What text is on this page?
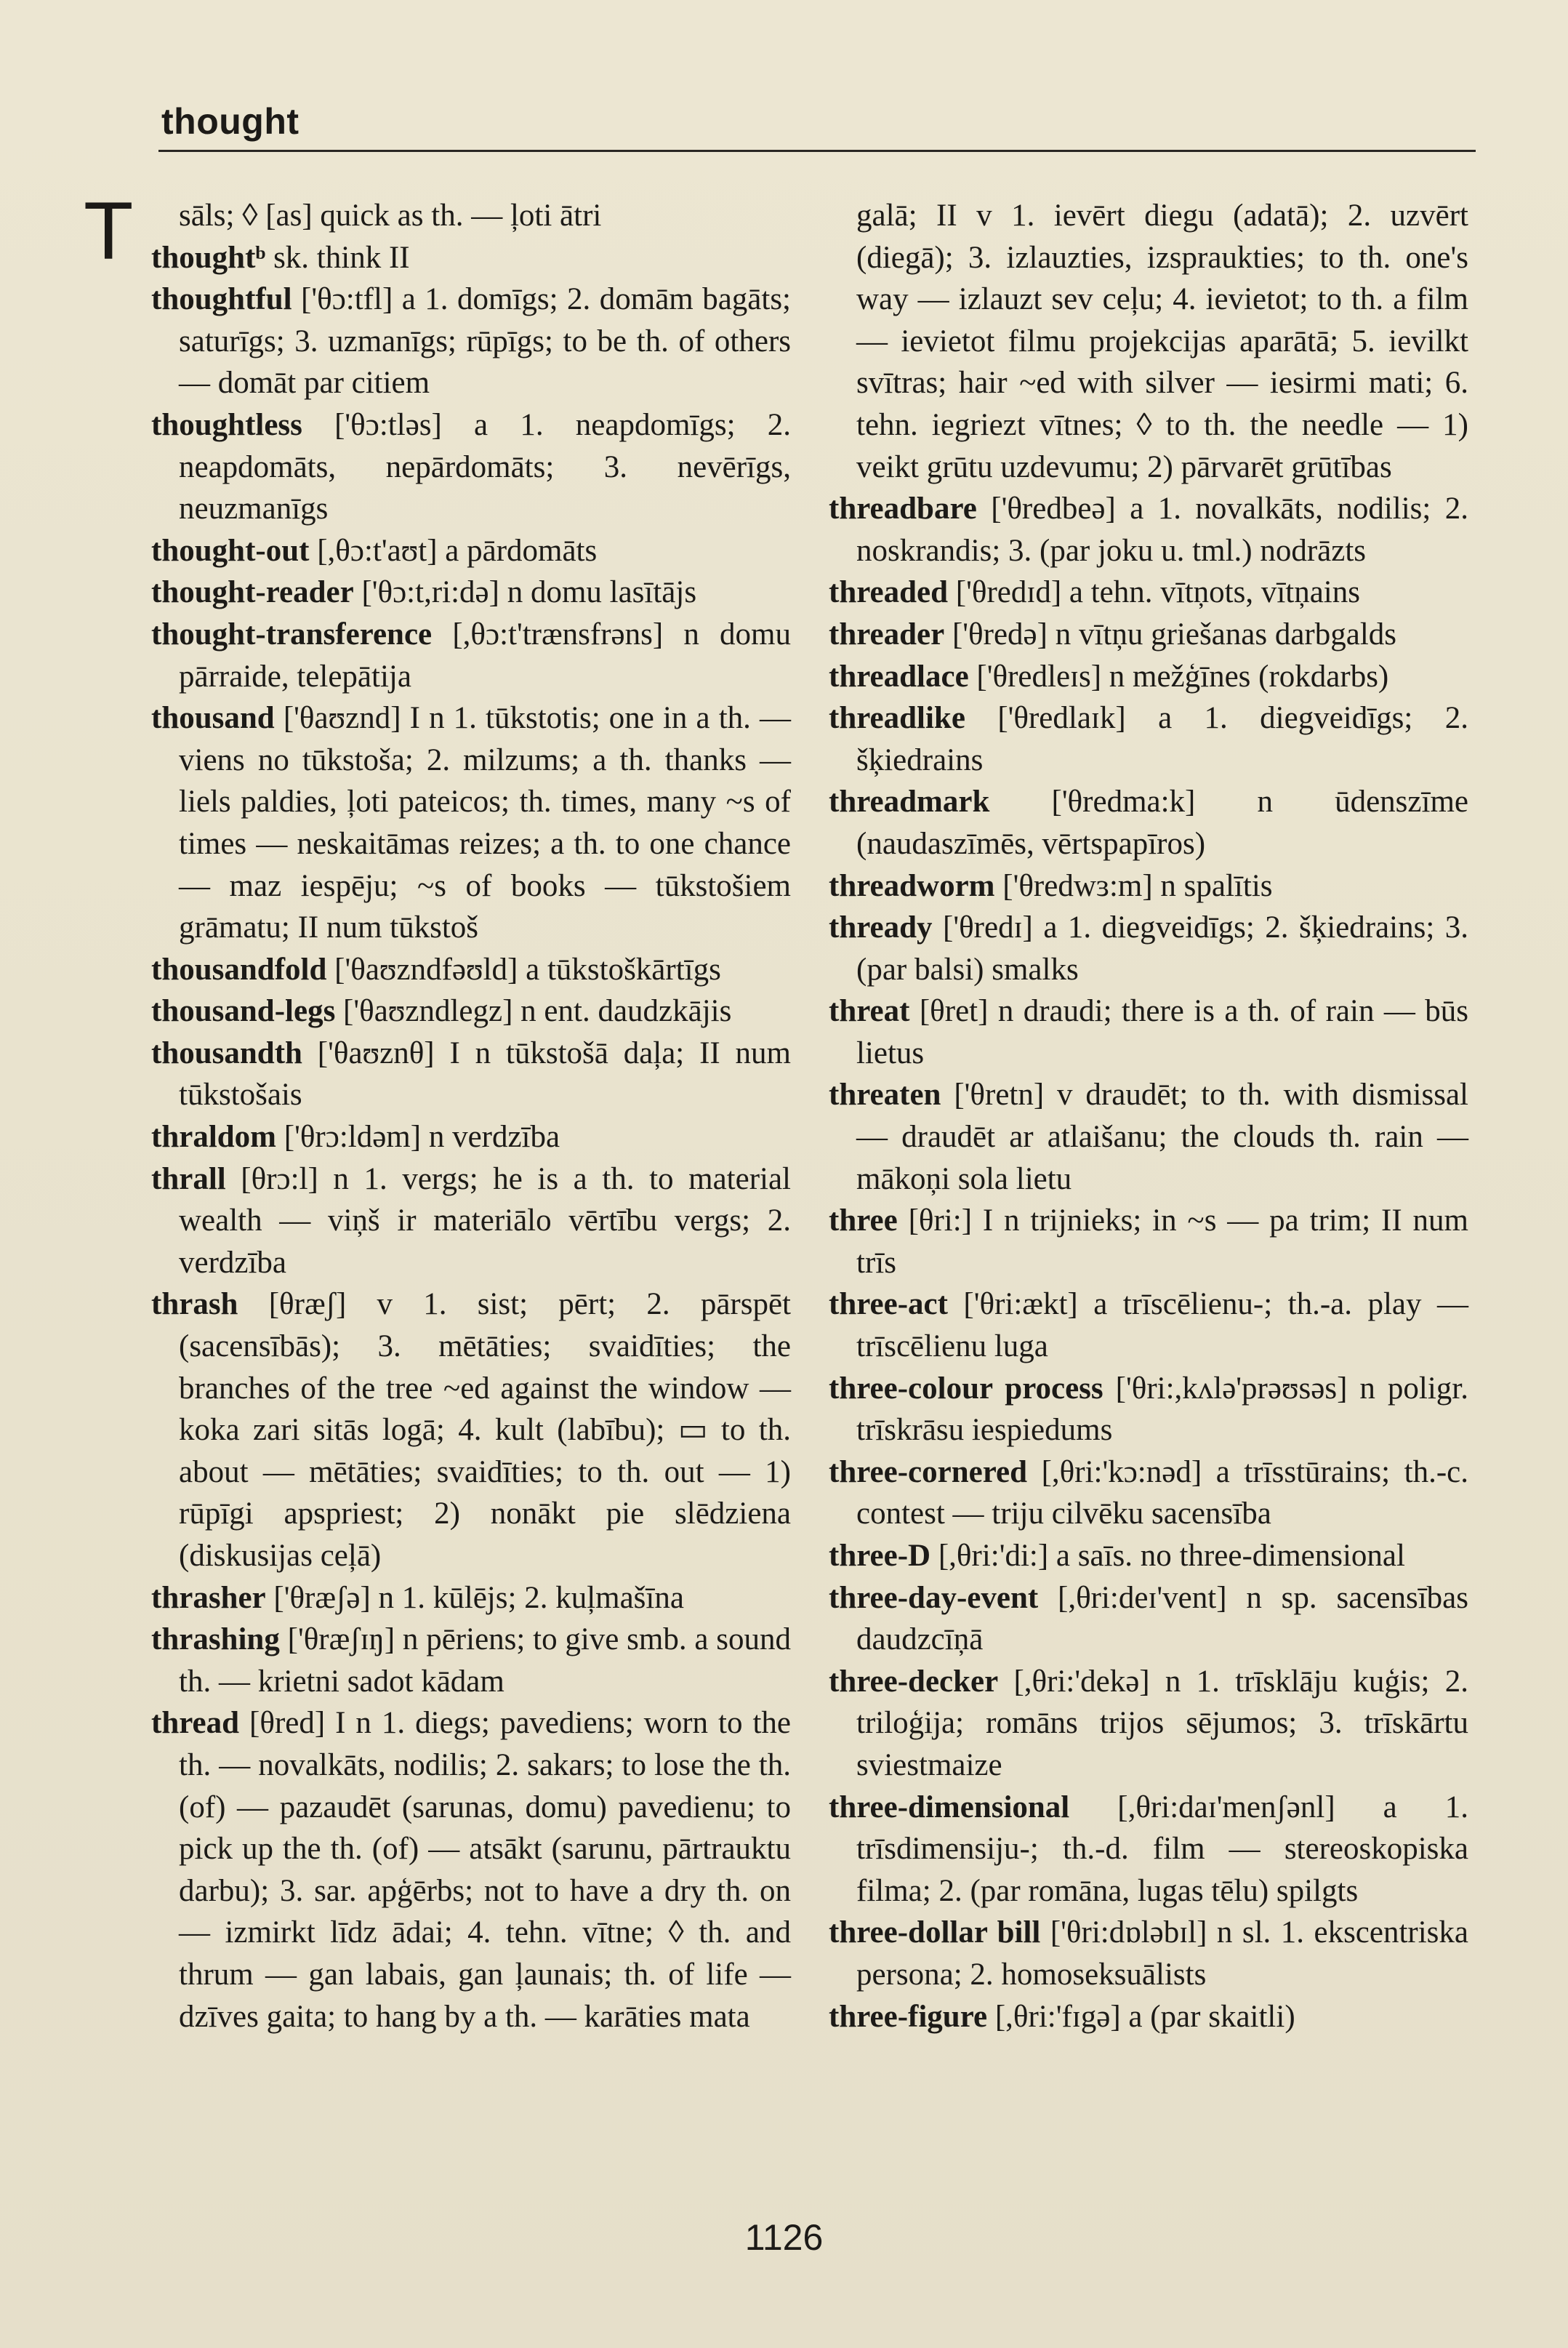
thought
T	sāls; ◊ [as] quick as th. — ļoti ātri

thoughtᵇ sk. think II

thoughtful ['θɔ:tfl] a 1. domīgs; 2. domām bagāts; saturīgs; 3. uzmanīgs; rūpīgs; to be th. of others — domāt par citiem

thoughtless ['θɔ:tləs] a 1. neapdomīgs; 2. neapdomāts, nepārdomāts; 3. nevērīgs, neuzmanīgs

thought-out [,θɔ:t'aʊt] a pārdomāts

thought-reader ['θɔ:t,ri:də] n domu lasītājs

thought-transference [,θɔ:t'trænsfrəns] n domu pārraide, telepātija

thousand ['θaʊznd] I n 1. tūkstotis; one in a th. — viens no tūkstoša; 2. milzums; a th. thanks — liels paldies, ļoti pateicos; th. times, many ~s of times — neskaitāmas reizes; a th. to one chance — maz iespēju; ~s of books — tūkstošiem grāmatu; II num tūkstoš

thousandfold ['θaʊzndfəʊld] a tūkstoškārtīgs

thousand-legs ['θaʊzndlegz] n ent. daudzkājis

thousandth ['θaʊznθ] I n tūkstošā daļa; II num tūkstošais

thraldom ['θrɔ:ldəm] n verdzība

thrall [θrɔ:l] n 1. vergs; he is a th. to material wealth — viņš ir materiālo vērtību vergs; 2. verdzība

thrash [θræʃ] v 1. sist; pērt; 2. pārspēt (sacensībās); 3. mētāties; svaidīties; the branches of the tree ~ed against the window — koka zari sitās logā; 4. kult (labību); ▭ to th. about — mētāties; svaidīties; to th. out — 1) rūpīgi apspriest; 2) nonākt pie slēdziena (diskusijas ceļā)

thrasher ['θræʃə] n 1. kūlējs; 2. kuļmašīna

thrashing ['θræʃɪŋ] n pēriens; to give smb. a sound th. — krietni sadot kādam

thread [θred] I n 1. diegs; pavediens; worn to the th. — novalkāts, nodilis; 2. sakars; to lose the th. (of) — pazaudēt (sarunas, domu) pavedienu; to pick up the th. (of) — atsākt (sarunu, pārtrauktu darbu); 3. sar. apģērbs; not to have a dry th. on — izmirkt līdz ādai; 4. tehn. vītne; ◊ th. and thrum — gan labais, gan ļaunais; th. of life — dzīves gaita; to hang by a th. — karāties mata

galā; II v 1. ievērt diegu (adatā); 2. uzvērt (diegā); 3. izlauzties, izspraukties; to th. one's way — izlauzt sev ceļu; 4. ievietot; to th. a film — ievietot filmu projekcijas aparātā; 5. ievilkt svītras; hair ~ed with silver — iesirmi mati; 6. tehn. iegriezt vītnes; ◊ to th. the needle — 1) veikt grūtu uzdevumu; 2) pārvarēt grūtības

threadbare ['θredbeə] a 1. novalkāts, nodilis; 2. noskrandis; 3. (par joku u. tml.) nodrāzts

threaded ['θredɪd] a tehn. vītņots, vītņains

threader ['θredə] n vītņu griešanas darbgalds

threadlace ['θredleɪs] n mežģīnes (rokdarbs)

threadlike ['θredlaɪk] a 1. diegveidīgs; 2. šķiedrains

threadmark ['θredma:k] n ūdenszīme (naudaszīmēs, vērtspapīros)

threadworm ['θredwɜ:m] n spalītis

thready ['θredɪ] a 1. diegveidīgs; 2. šķiedrains; 3. (par balsi) smalks

threat [θret] n draudi; there is a th. of rain — būs lietus

threaten ['θretn] v draudēt; to th. with dismissal — draudēt ar atlaišanu; the clouds th. rain — mākoņi sola lietu

three [θri:] I n trijnieks; in ~s — pa trim; II num trīs

three-act ['θri:ækt] a trīscēlienu-; th.-a. play — trīscēlienu luga

three-colour process ['θri:,kʌlə'prəʊsəs] n poligr. trīskrāsu iespiedums

three-cornered [,θri:'kɔ:nəd] a trīsstūrains; th.-c. contest — triju cilvēku sacensība

three-D [,θri:'di:] a saīs. no three-dimensional

three-day-event [,θri:deɪ'vent] n sp. sacensības daudzcīņā

three-decker [,θri:'dekə] n 1. trīsklāju kuģis; 2. triloģija; romāns trijos sējumos; 3. trīskārtu sviestmaize

three-dimensional [,θri:daɪ'menʃənl] a 1. trīsdimensiju-; th.-d. film — stereoskopiska filma; 2. (par romāna, lugas tēlu) spilgts

three-dollar bill ['θri:dɒləbɪl] n sl. 1. ekscentriska persona; 2. homoseksuālists

three-figure [,θri:'fɪgə] a (par skaitli)

1126
